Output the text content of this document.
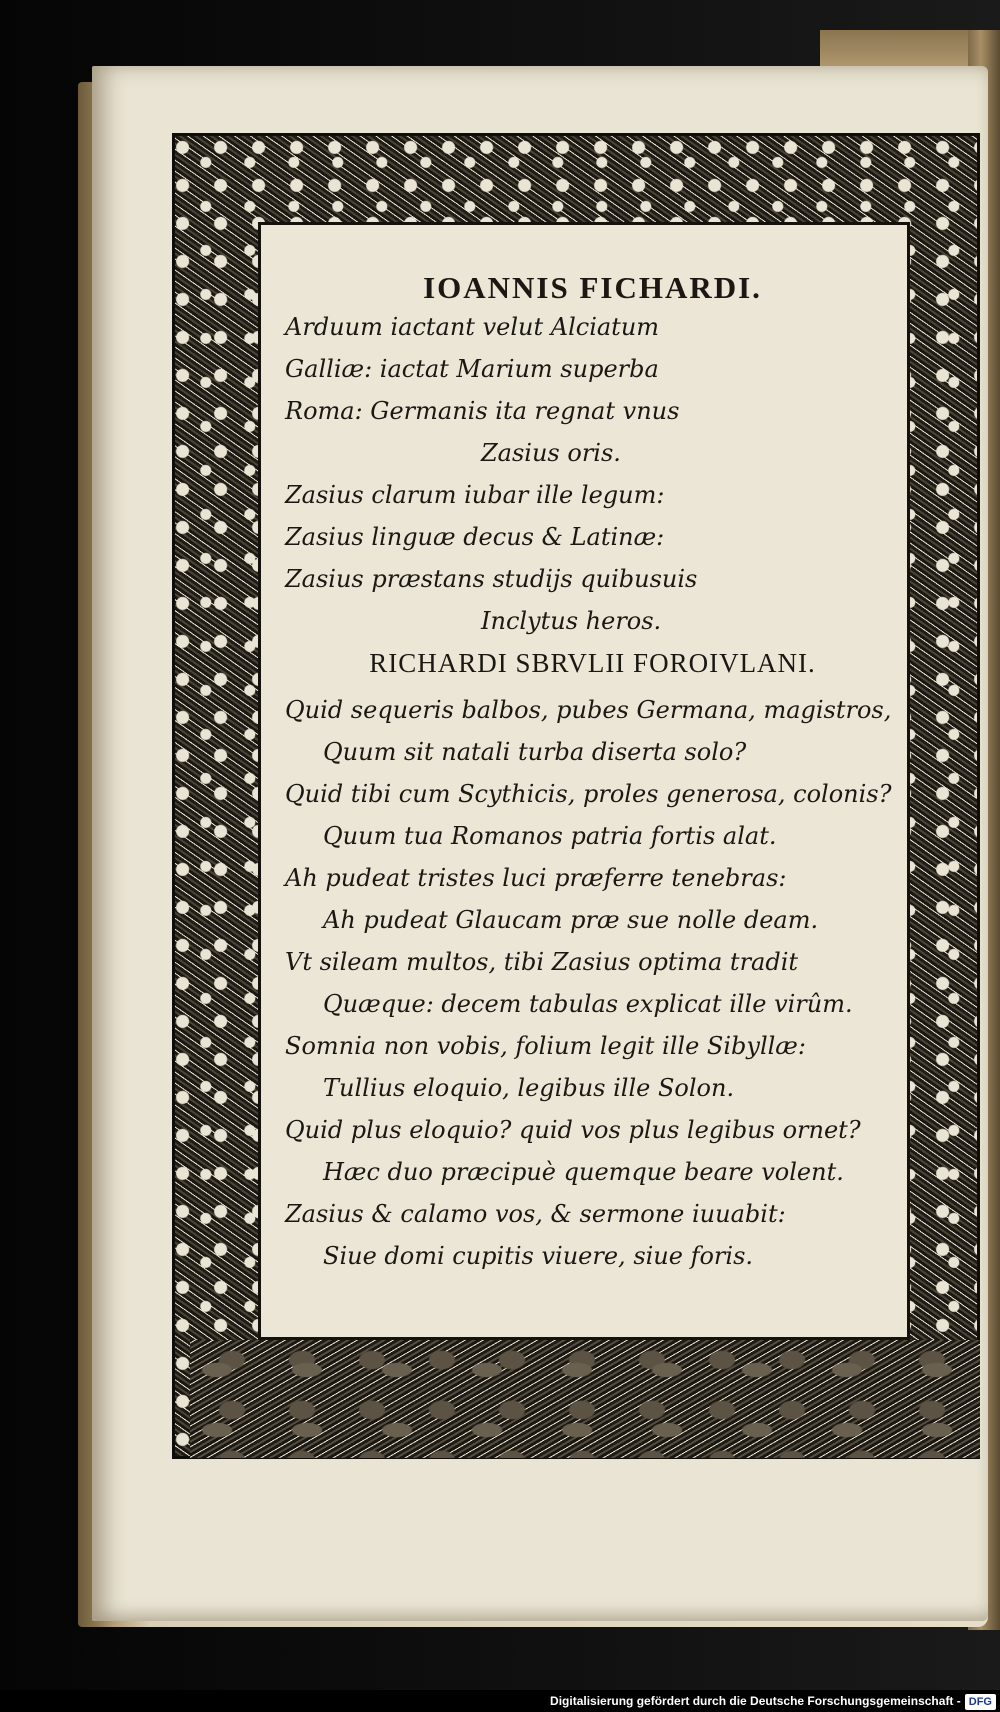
IOANNIS FICHARDI.

Arduum iactant velut Alciatum

Galliæ: iactat Marium superba

Roma: Germanis ita regnat vnus

Zasius oris.

Zasius clarum iubar ille legum:

Zasius linguæ decus & Latinæ:

Zasius præstans studijs quibusuis

Inclytus heros.

RICHARDI SBRVLII FOROIVLANI.

Quid sequeris balbos, pubes Germana, magistros,

Quum sit natali turba diserta solo?

Quid tibi cum Scythicis, proles generosa, colonis?

Quum tua Romanos patria fortis alat.

Ah pudeat tristes luci præferre tenebras:

Ah pudeat Glaucam præ sue nolle deam.

Vt sileam multos, tibi Zasius optima tradit

Quæque: decem tabulas explicat ille virûm.

Somnia non vobis, folium legit ille Sibyllæ:

Tullius eloquio, legibus ille Solon.

Quid plus eloquio? quid vos plus legibus ornet?

Hæc duo præcipuè quemque beare volent.

Zasius & calamo vos, & sermone iuuabit:

Siue domi cupitis viuere, siue foris.

Digitalisierung gefördert durch die Deutsche Forschungsgemeinschaft - DFG
